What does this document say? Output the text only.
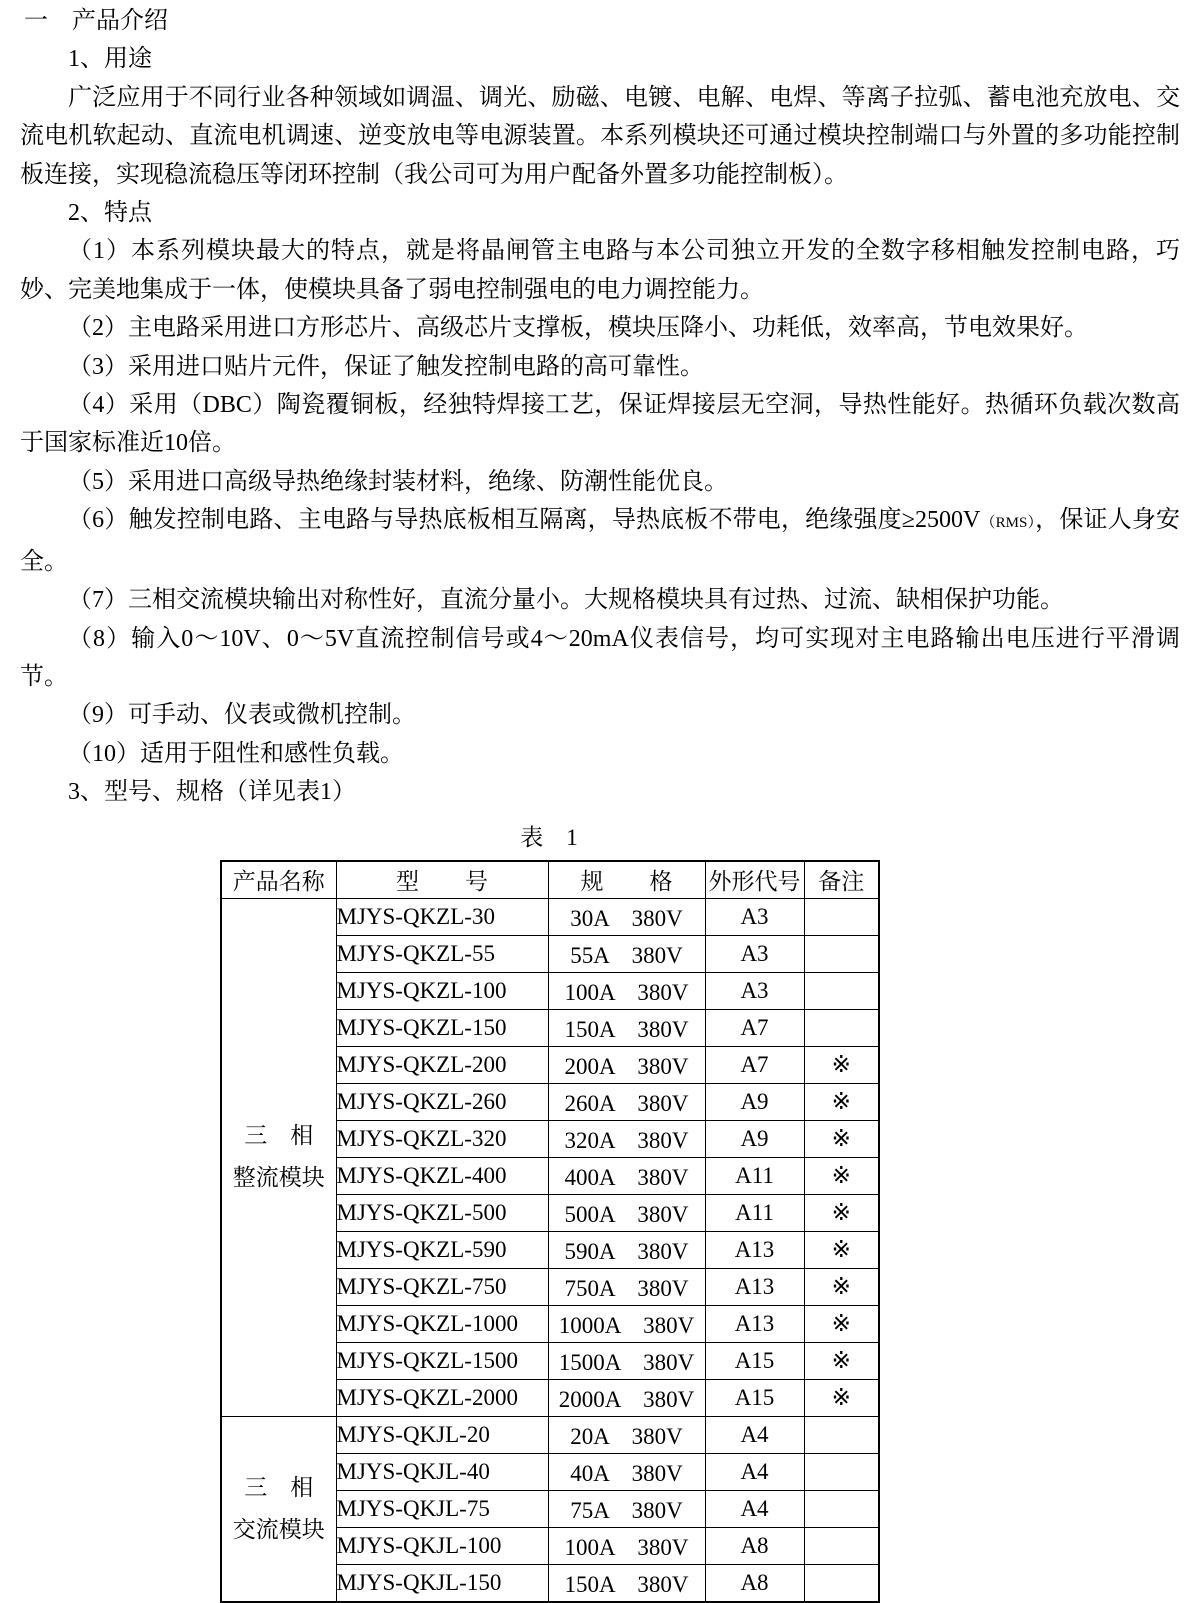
一　产品介绍

1、用途

广泛应用于不同行业各种领域如调温、调光、励磁、电镀、电解、电焊、等离子拉弧、蓄电池充放电、交流电机软起动、直流电机调速、逆变放电等电源装置。本系列模块还可通过模块控制端口与外置的多功能控制板连接，实现稳流稳压等闭环控制（我公司可为用户配备外置多功能控制板）。

2、特点

（1）本系列模块最大的特点，就是将晶闸管主电路与本公司独立开发的全数字移相触发控制电路，巧妙、完美地集成于一体，使模块具备了弱电控制强电的电力调控能力。

（2）主电路采用进口方形芯片、高级芯片支撑板，模块压降小、功耗低，效率高，节电效果好。

（3）采用进口贴片元件，保证了触发控制电路的高可靠性。

（4）采用（DBC）陶瓷覆铜板，经独特焊接工艺，保证焊接层无空洞，导热性能好。热循环负载次数高于国家标准近10倍。

（5）采用进口高级导热绝缘封装材料，绝缘、防潮性能优良。

（6）触发控制电路、主电路与导热底板相互隔离，导热底板不带电，绝缘强度≥2500V（RMS），保证人身安全。

（7）三相交流模块输出对称性好，直流分量小。大规格模块具有过热、过流、缺相保护功能。

（8）输入0～10V、0～5V直流控制信号或4～20mA仪表信号，均可实现对主电路输出电压进行平滑调节。

（9）可手动、仪表或微机控制。

（10）适用于阻性和感性负载。

3、型号、规格（详见表1）

表　1
产品名称	型　　号	规　　格	外形代号	备注

三　相
整流模块	MJYS-QKZL-30	30A　380V	A3	
	MJYS-QKZL-55	55A　380V	A3	
	MJYS-QKZL-100	100A　380V	A3	
	MJYS-QKZL-150	150A　380V	A7	
	MJYS-QKZL-200	200A　380V	A7	※
	MJYS-QKZL-260	260A　380V	A9	※
	MJYS-QKZL-320	320A　380V	A9	※
	MJYS-QKZL-400	400A　380V	A11	※
	MJYS-QKZL-500	500A　380V	A11	※
	MJYS-QKZL-590	590A　380V	A13	※
	MJYS-QKZL-750	750A　380V	A13	※
	MJYS-QKZL-1000	1000A　380V	A13	※
	MJYS-QKZL-1500	1500A　380V	A15	※
	MJYS-QKZL-2000	2000A　380V	A15	※

三　相
交流模块	MJYS-QKJL-20	20A　380V	A4	
	MJYS-QKJL-40	40A　380V	A4	
	MJYS-QKJL-75	75A　380V	A4	
	MJYS-QKJL-100	100A　380V	A8	
	MJYS-QKJL-150	150A　380V	A8	
